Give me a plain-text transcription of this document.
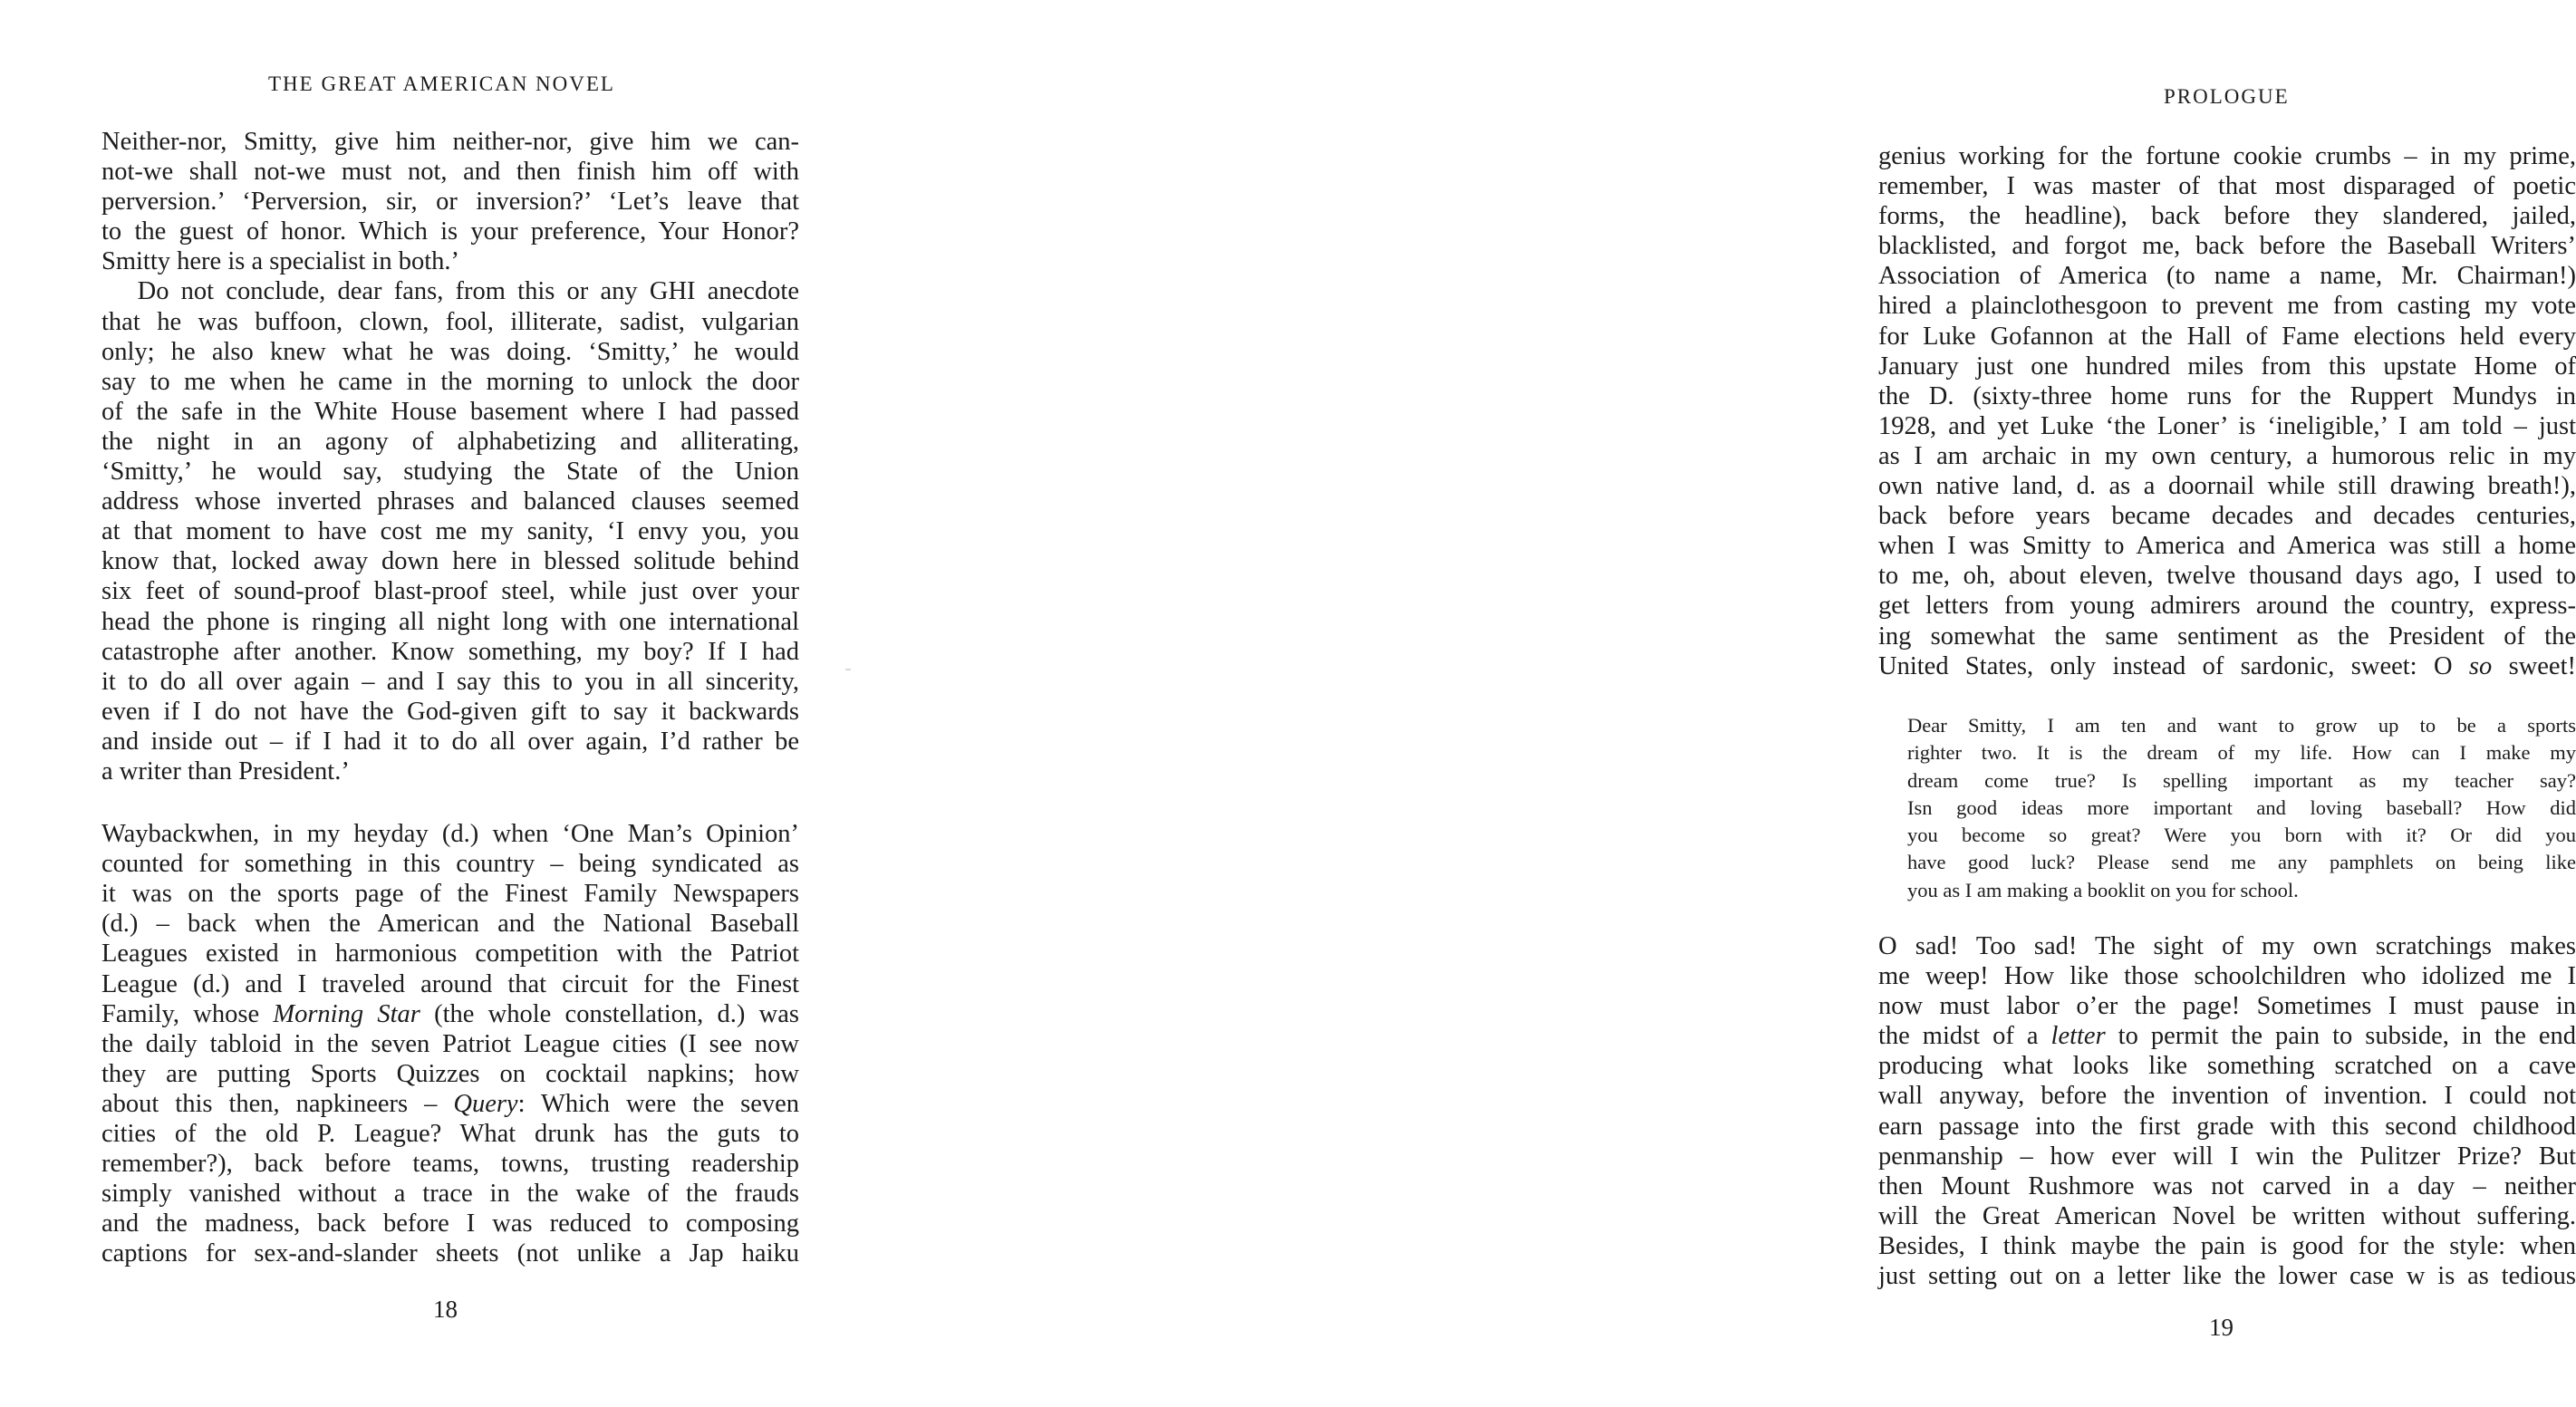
THE GREAT AMERICAN NOVEL
Neither-nor, Smitty, give him neither-nor, give him we can-
not-we shall not-we must not, and then finish him off with
perversion.’ ‘Perversion, sir, or inversion?’ ‘Let’s leave that
to the guest of honor. Which is your preference, Your Honor?
Smitty here is a specialist in both.’
Do not conclude, dear fans, from this or any GHI anecdote
that he was buffoon, clown, fool, illiterate, sadist, vulgarian
only; he also knew what he was doing. ‘Smitty,’ he would
say to me when he came in the morning to unlock the door
of the safe in the White House basement where I had passed
the night in an agony of alphabetizing and alliterating,
‘Smitty,’ he would say, studying the State of the Union
address whose inverted phrases and balanced clauses seemed
at that moment to have cost me my sanity, ‘I envy you, you
know that, locked away down here in blessed solitude behind
six feet of sound-proof blast-proof steel, while just over your
head the phone is ringing all night long with one international
catastrophe after another. Know something, my boy? If I had
it to do all over again – and I say this to you in all sincerity,
even if I do not have the God-given gift to say it backwards
and inside out – if I had it to do all over again, I’d rather be
a writer than President.’
Waybackwhen, in my heyday (d.) when ‘One Man’s Opinion’
counted for something in this country – being syndicated as
it was on the sports page of the Finest Family Newspapers
(d.) – back when the American and the National Baseball
Leagues existed in harmonious competition with the Patriot
League (d.) and I traveled around that circuit for the Finest
Family, whose Morning Star (the whole constellation, d.) was
the daily tabloid in the seven Patriot League cities (I see now
they are putting Sports Quizzes on cocktail napkins; how
about this then, napkineers – Query: Which were the seven
cities of the old P. League? What drunk has the guts to
remember?), back before teams, towns, trusting readership
simply vanished without a trace in the wake of the frauds
and the madness, back before I was reduced to composing
captions for sex-and-slander sheets (not unlike a Jap haiku
18
PROLOGUE
genius working for the fortune cookie crumbs – in my prime,
remember, I was master of that most disparaged of poetic
forms, the headline), back before they slandered, jailed,
blacklisted, and forgot me, back before the Baseball Writers’
Association of America (to name a name, Mr. Chairman!)
hired a plainclothesgoon to prevent me from casting my vote
for Luke Gofannon at the Hall of Fame elections held every
January just one hundred miles from this upstate Home of
the D. (sixty-three home runs for the Ruppert Mundys in
1928, and yet Luke ‘the Loner’ is ‘ineligible,’ I am told – just
as I am archaic in my own century, a humorous relic in my
own native land, d. as a doornail while still drawing breath!),
back before years became decades and decades centuries,
when I was Smitty to America and America was still a home
to me, oh, about eleven, twelve thousand days ago, I used to
get letters from young admirers around the country, express-
ing somewhat the same sentiment as the President of the
United States, only instead of sardonic, sweet: O so sweet!
Dear Smitty, I am ten and want to grow up to be a sports
righter two. It is the dream of my life. How can I make my
dream come true? Is spelling important as my teacher say?
Isn good ideas more important and loving baseball? How did
you become so great? Were you born with it? Or did you
have good luck? Please send me any pamphlets on being like
you as I am making a booklit on you for school.
O sad! Too sad! The sight of my own scratchings makes
me weep! How like those schoolchildren who idolized me I
now must labor o’er the page! Sometimes I must pause in
the midst of a letter to permit the pain to subside, in the end
producing what looks like something scratched on a cave
wall anyway, before the invention of invention. I could not
earn passage into the first grade with this second childhood
penmanship – how ever will I win the Pulitzer Prize? But
then Mount Rushmore was not carved in a day – neither
will the Great American Novel be written without suffering.
Besides, I think maybe the pain is good for the style: when
just setting out on a letter like the lower case w is as tedious
19
